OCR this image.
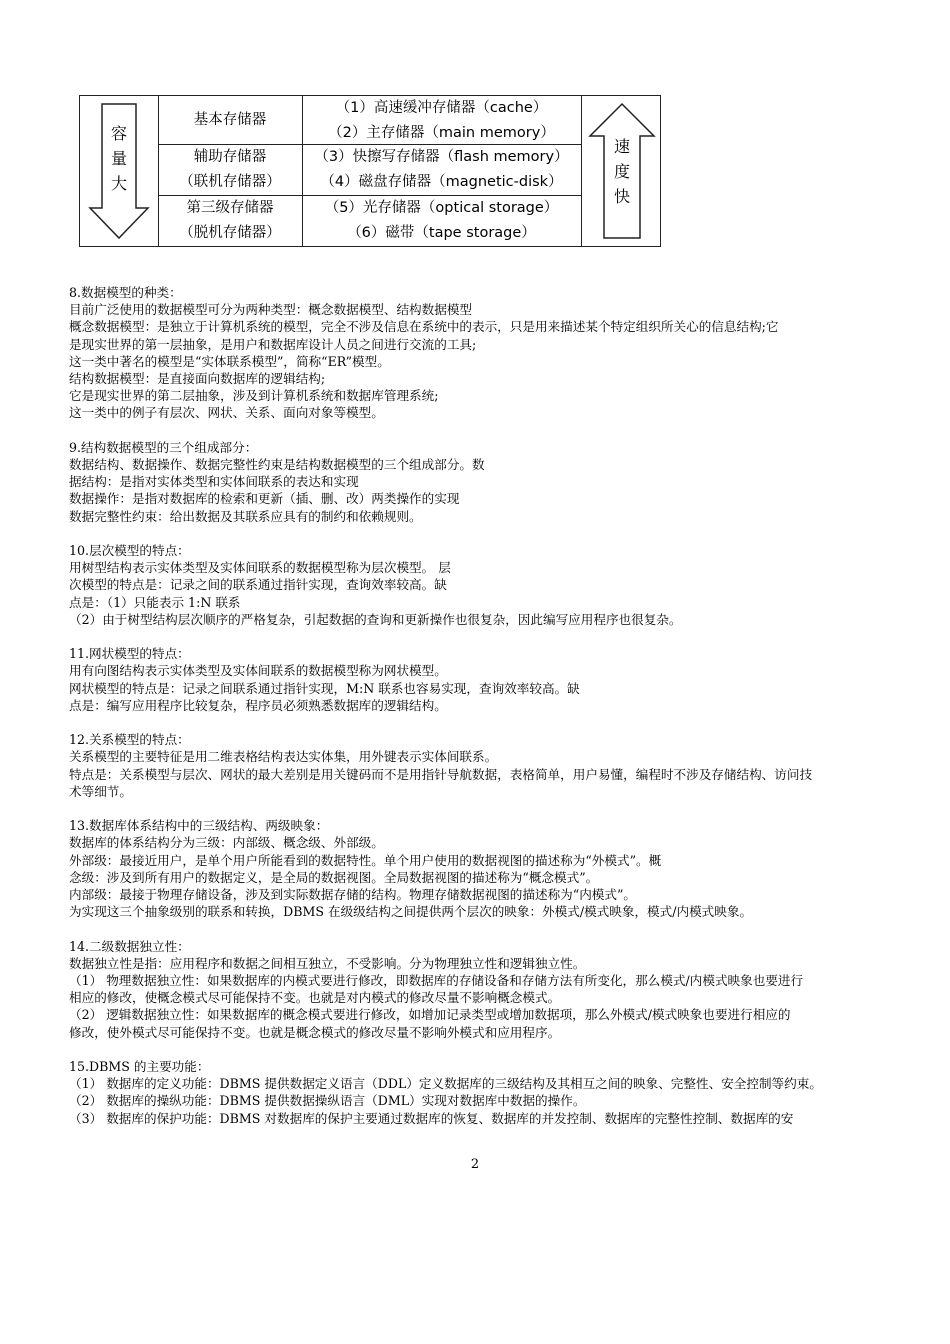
容
量
大
速
度
快
基本存储器
（1）高速缓冲存储器（cache）
（2）主存储器（main memory）
辅助存储器
（联机存储器）
（3）快擦写存储器（flash memory）
（4）磁盘存储器（magnetic-disk）
第三级存储器
（脱机存储器）
（5）光存储器（optical storage）
（6）磁带（tape storage）

8.数据模型的种类：

目前广泛使用的数据模型可分为两种类型：概念数据模型、结构数据模型

概念数据模型：是独立于计算机系统的模型，完全不涉及信息在系统中的表示，只是用来描述某个特定组织所关心的信息结构;它

是现实世界的第一层抽象，是用户和数据库设计人员之间进行交流的工具;

这一类中著名的模型是“实体联系模型”，简称“ER”模型。

结构数据模型：是直接面向数据库的逻辑结构;

它是现实世界的第二层抽象，涉及到计算机系统和数据库管理系统;

这一类中的例子有层次、网状、关系、面向对象等模型。

9.结构数据模型的三个组成部分：

数据结构、数据操作、数据完整性约束是结构数据模型的三个组成部分。数

据结构：是指对实体类型和实体间联系的表达和实现

数据操作：是指对数据库的检索和更新（插、删、改）两类操作的实现

数据完整性约束：给出数据及其联系应具有的制约和依赖规则。

10.层次模型的特点：

用树型结构表示实体类型及实体间联系的数据模型称为层次模型。 层

次模型的特点是：记录之间的联系通过指针实现，查询效率较高。缺

点是：（1）只能表示 1:N 联系

（2）由于树型结构层次顺序的严格复杂，引起数据的查询和更新操作也很复杂，因此编写应用程序也很复杂。

11.网状模型的特点：

用有向图结构表示实体类型及实体间联系的数据模型称为网状模型。

网状模型的特点是：记录之间联系通过指针实现，M:N 联系也容易实现，查询效率较高。缺

点是：编写应用程序比较复杂，程序员必须熟悉数据库的逻辑结构。

12.关系模型的特点：

关系模型的主要特征是用二维表格结构表达实体集，用外键表示实体间联系。

特点是：关系模型与层次、网状的最大差别是用关键码而不是用指针导航数据，表格简单，用户易懂，编程时不涉及存储结构、访问技

术等细节。

13.数据库体系结构中的三级结构、两级映象：

数据库的体系结构分为三级：内部级、概念级、外部级。

外部级：最接近用户，是单个用户所能看到的数据特性。单个用户使用的数据视图的描述称为“外模式”。概

念级：涉及到所有用户的数据定义，是全局的数据视图。全局数据视图的描述称为“概念模式”。

内部级：最接于物理存储设备，涉及到实际数据存储的结构。物理存储数据视图的描述称为“内模式”。

为实现这三个抽象级别的联系和转换，DBMS 在级级结构之间提供两个层次的映象：外模式/模式映象，模式/内模式映象。

14.二级数据独立性：

数据独立性是指：应用程序和数据之间相互独立，不受影响。分为物理独立性和逻辑独立性。

（1） 物理数据独立性：如果数据库的内模式要进行修改，即数据库的存储设备和存储方法有所变化，那么模式/内模式映象也要进行

相应的修改，使概念模式尽可能保持不变。也就是对内模式的修改尽量不影响概念模式。

（2） 逻辑数据独立性：如果数据库的概念模式要进行修改，如增加记录类型或增加数据项，那么外模式/模式映象也要进行相应的

修改，使外模式尽可能保持不变。也就是概念模式的修改尽量不影响外模式和应用程序。

15.DBMS 的主要功能：

（1） 数据库的定义功能：DBMS 提供数据定义语言（DDL）定义数据库的三级结构及其相互之间的映象、完整性、安全控制等约束。

（2） 数据库的操纵功能：DBMS 提供数据操纵语言（DML）实现对数据库中数据的操作。

（3） 数据库的保护功能：DBMS 对数据库的保护主要通过数据库的恢复、数据库的并发控制、数据库的完整性控制、数据库的安

2
